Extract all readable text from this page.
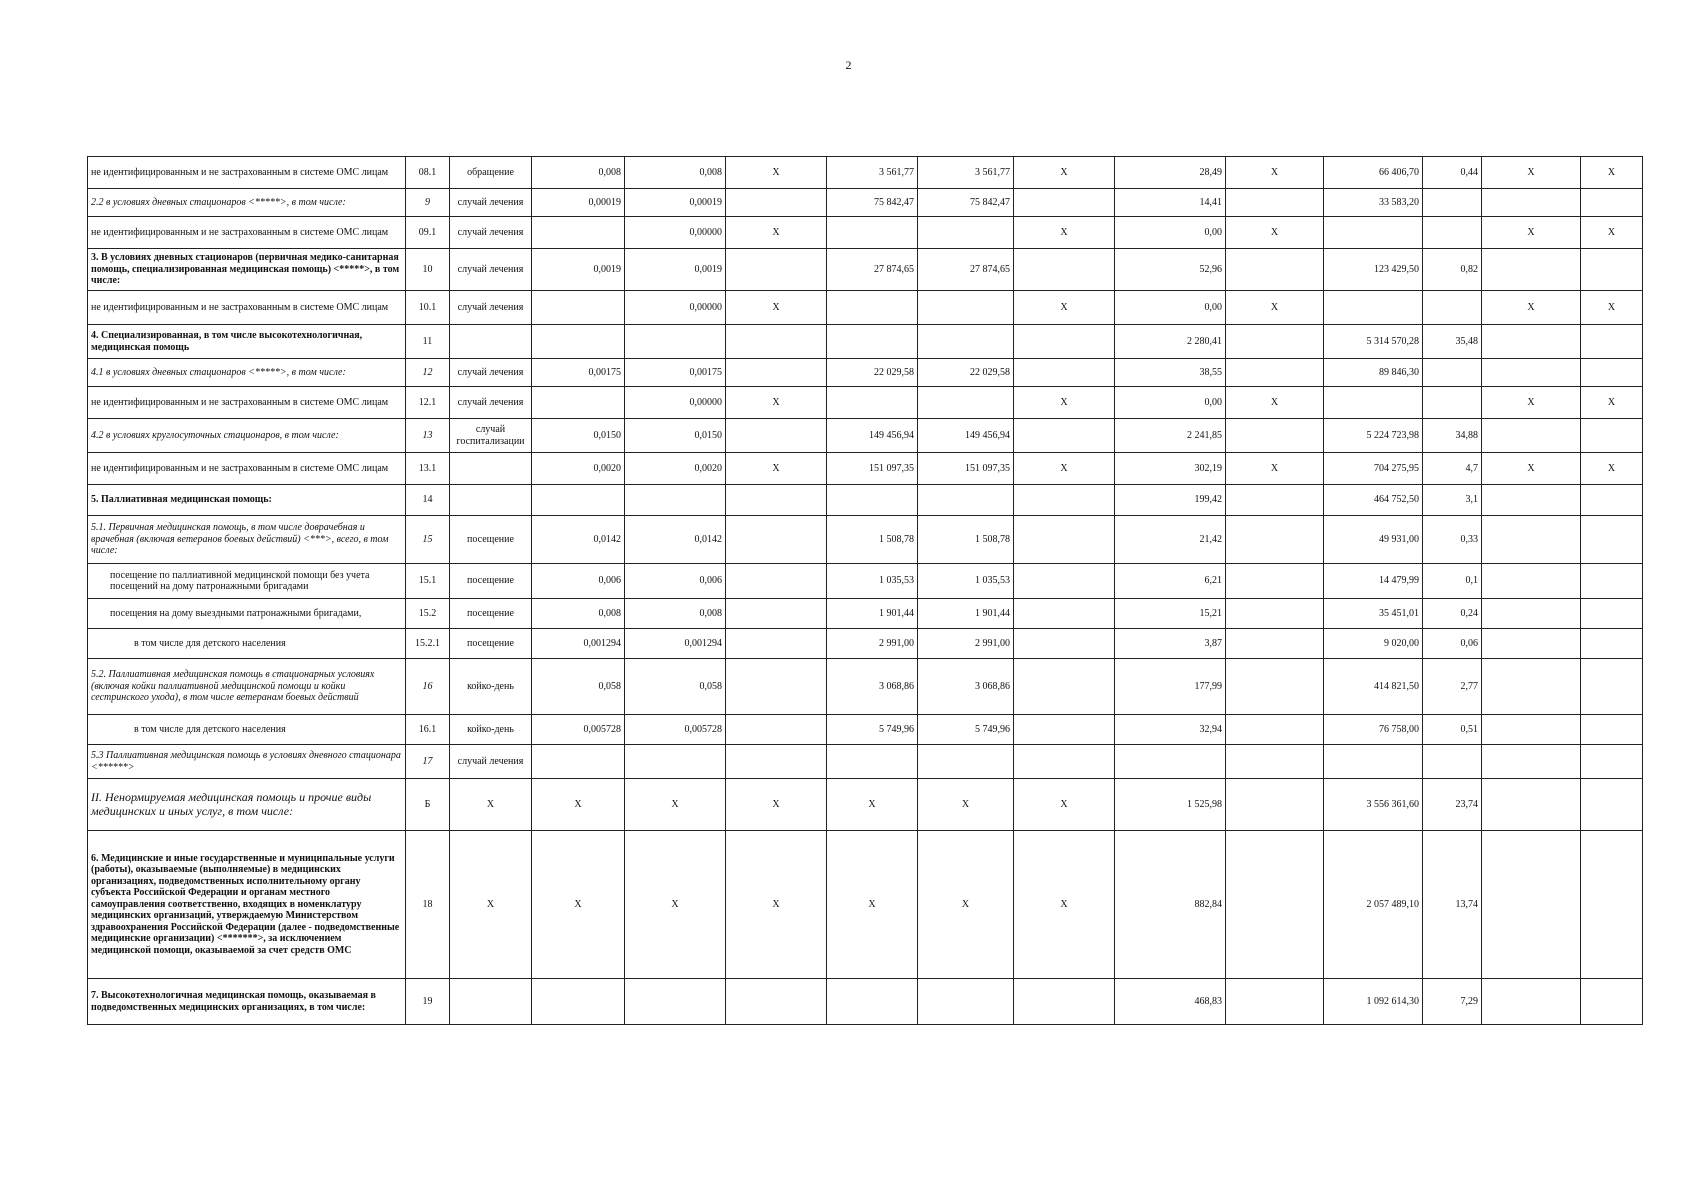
2
не идентифицированным и не застрахованным в системе ОМС лицам	08.1	обращение	0,008	0,008	X	3 561,77	3 561,77	X	28,49	X	66 406,70	0,44	X	X
2.2 в условиях дневных стационаров <*****>, в том числе:	9	случай лечения	0,00019	0,00019		75 842,47	75 842,47		14,41		33 583,20			
не идентифицированным и не застрахованным в системе ОМС лицам	09.1	случай лечения		0,00000	X			X	0,00	X			X	X
3. В условиях дневных стационаров (первичная медико-санитарная помощь, специализированная медицинская помощь) <*****>, в том числе:	10	случай лечения	0,0019	0,0019		27 874,65	27 874,65		52,96		123 429,50	0,82		
не идентифицированным и не застрахованным в системе ОМС лицам	10.1	случай лечения		0,00000	X			X	0,00	X			X	X
4. Специализированная, в том числе высокотехнологичная, медицинская помощь	11								2 280,41		5 314 570,28	35,48		
4.1 в условиях дневных стационаров <*****>, в том числе:	12	случай лечения	0,00175	0,00175		22 029,58	22 029,58		38,55		89 846,30			
не идентифицированным и не застрахованным в системе ОМС лицам	12.1	случай лечения		0,00000	X			X	0,00	X			X	X
4.2 в условиях круглосуточных стационаров, в том числе:	13	случай госпитализации	0,0150	0,0150		149 456,94	149 456,94		2 241,85		5 224 723,98	34,88		
не идентифицированным и не застрахованным в системе ОМС лицам	13.1		0,0020	0,0020	X	151 097,35	151 097,35	X	302,19	X	704 275,95	4,7	X	X
5. Паллиативная медицинская помощь:	14								199,42		464 752,50	3,1		
5.1. Первичная медицинская помощь, в том числе доврачебная и врачебная (включая ветеранов боевых действий) <***>, всего, в том числе:	15	посещение	0,0142	0,0142		1 508,78	1 508,78		21,42		49 931,00	0,33		
посещение по паллиативной медицинской помощи без учета посещений на дому патронажными бригадами	15.1	посещение	0,006	0,006		1 035,53	1 035,53		6,21		14 479,99	0,1		
посещения на дому выездными патронажными бригадами,	15.2	посещение	0,008	0,008		1 901,44	1 901,44		15,21		35 451,01	0,24		
в том числе для детского населения	15.2.1	посещение	0,001294	0,001294		2 991,00	2 991,00		3,87		9 020,00	0,06		
5.2. Паллиативная медицинская помощь в стационарных условиях (включая койки паллиативной медицинской помощи и койки сестринского ухода), в том числе ветеранам боевых действий	16	койко-день	0,058	0,058		3 068,86	3 068,86		177,99		414 821,50	2,77		
в том числе для детского населения	16.1	койко-день	0,005728	0,005728		5 749,96	5 749,96		32,94		76 758,00	0,51		
5.3 Паллиативная медицинская помощь в условиях дневного стационара <******>	17	случай лечения												
II. Ненормируемая медицинская помощь и прочие виды медицинских и иных услуг, в том числе:	Б	X	X	X	X	X	X	X	1 525,98		3 556 361,60	23,74		
6. Медицинские и иные государственные и муниципальные услуги (работы), оказываемые (выполняемые) в медицинских организациях, подведомственных исполнительному органу субъекта Российской Федерации и органам местного самоуправления соответственно, входящих в номенклатуру медицинских организаций, утверждаемую Министерством здравоохранения Российской Федерации (далее - подведомственные медицинские организации) <*******>, за исключением медицинской помощи, оказываемой за счет средств ОМС	18	X	X	X	X	X	X	X	882,84		2 057 489,10	13,74		
7. Высокотехнологичная медицинская помощь, оказываемая в подведомственных медицинских организациях, в том числе:	19								468,83		1 092 614,30	7,29		
